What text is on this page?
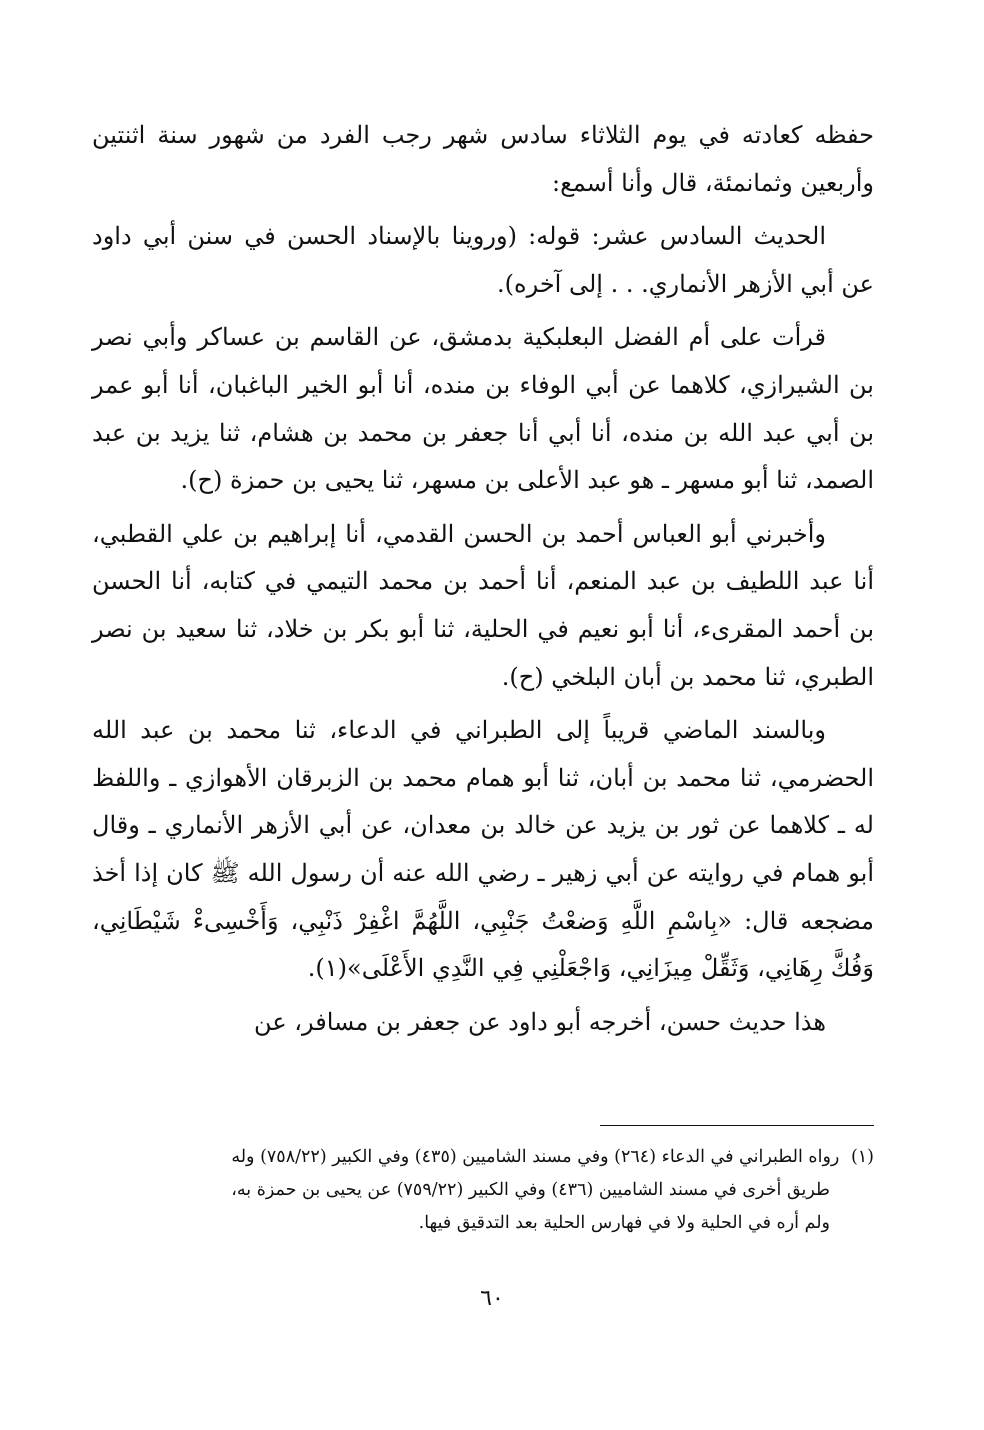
حفظه كعادته في يوم الثلاثاء سادس شهر رجب الفرد من شهور سنة اثنتين وأربعين وثمانمئة، قال وأنا أسمع:

الحديث السادس عشر: قوله: (وروينا بالإسناد الحسن في سنن أبي داود عن أبي الأزهر الأنماري. . . إلى آخره).

قرأت على أم الفضل البعلبكية بدمشق، عن القاسم بن عساكر وأبي نصر بن الشيرازي، كلاهما عن أبي الوفاء بن منده، أنا أبو الخير الباغبان، أنا أبو عمر بن أبي عبد الله بن منده، أنا أبي أنا جعفر بن محمد بن هشام، ثنا يزيد بن عبد الصمد، ثنا أبو مسهر ـ هو عبد الأعلى بن مسهر، ثنا يحيى بن حمزة (ح).

وأخبرني أبو العباس أحمد بن الحسن القدمي، أنا إبراهيم بن علي القطبي، أنا عبد اللطيف بن عبد المنعم، أنا أحمد بن محمد التيمي في كتابه، أنا الحسن بن أحمد المقرىء، أنا أبو نعيم في الحلية، ثنا أبو بكر بن خلاد، ثنا سعيد بن نصر الطبري، ثنا محمد بن أبان البلخي (ح).

وبالسند الماضي قريباً إلى الطبراني في الدعاء، ثنا محمد بن عبد الله الحضرمي، ثنا محمد بن أبان، ثنا أبو همام محمد بن الزبرقان الأهوازي ـ واللفظ له ـ كلاهما عن ثور بن يزيد عن خالد بن معدان، عن أبي الأزهر الأنماري ـ وقال أبو همام في روايته عن أبي زهير ـ رضي الله عنه أن رسول الله ﷺ كان إذا أخذ مضجعه قال: «بِاسْمِ اللَّهِ وَضعْتُ جَنْبِي، اللَّهُمَّ اغْفِرْ ذَنْبِي، وَأَخْسِىءْ شَيْطَانِي، وَفُكَّ رِهَانِي، وَثَقِّلْ مِيزَانِي، وَاجْعَلْنِي فِي النَّدِي الأَعْلَى»(١).

هذا حديث حسن، أخرجه أبو داود عن جعفر بن مسافر، عن

(١) رواه الطبراني في الدعاء (٢٦٤) وفي مسند الشاميين (٤٣٥) وفي الكبير (٧٥٨/٢٢) وله
طريق أخرى في مسند الشاميين (٤٣٦) وفي الكبير (٧٥٩/٢٢) عن يحيى بن حمزة به،
ولم أره في الحلية ولا في فهارس الحلية بعد التدقيق فيها.
٦٠
